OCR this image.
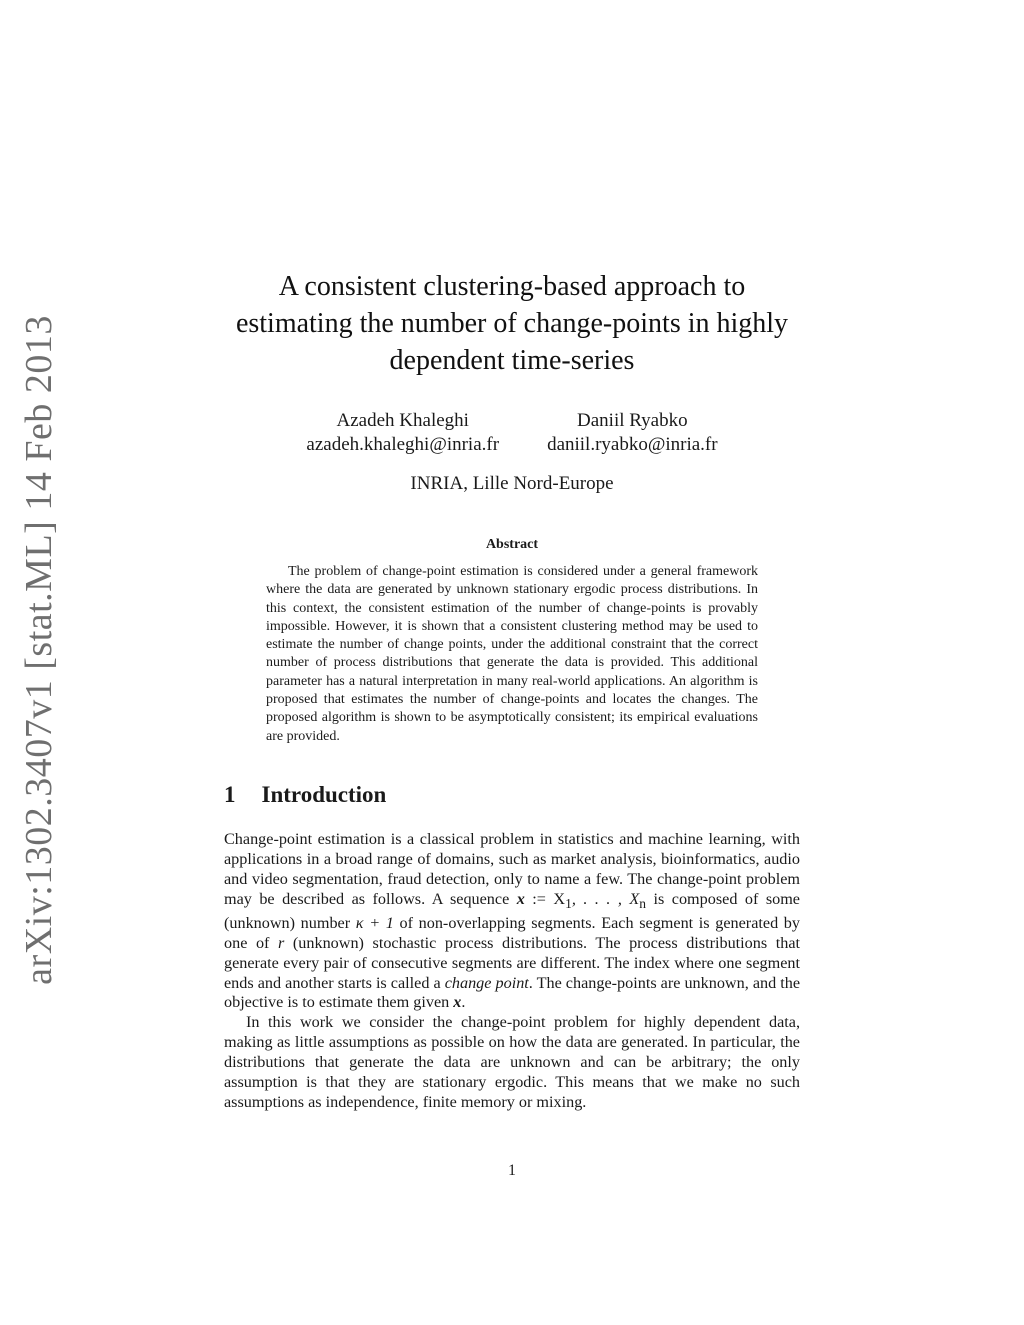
arXiv:1302.3407v1 [stat.ML] 14 Feb 2013
A consistent clustering-based approach to
estimating the number of change-points in highly
dependent time-series
Azadeh Khaleghi
azadeh.khaleghi@inria.fr
Daniil Ryabko
daniil.ryabko@inria.fr
INRIA, Lille Nord-Europe
Abstract

The problem of change-point estimation is considered under a general framework where the data are generated by unknown stationary ergodic process distributions. In this context, the consistent estimation of the number of change-points is provably impossible. However, it is shown that a consistent clustering method may be used to estimate the number of change points, under the additional constraint that the correct number of process distributions that generate the data is provided. This additional parameter has a natural interpretation in many real-world applications. An algorithm is proposed that estimates the number of change-points and locates the changes. The proposed algorithm is shown to be asymptotically consistent; its empirical evaluations are provided.

1 Introduction

Change-point estimation is a classical problem in statistics and machine learning, with applications in a broad range of domains, such as market analysis, bioinformatics, audio and video segmentation, fraud detection, only to name a few. The change-point problem may be described as follows. A sequence x := $X_1$, . . . , $X_n$ is composed of some (unknown) number κ + 1 of non-overlapping segments. Each segment is generated by one of r (unknown) stochastic process distributions. The process distributions that generate every pair of consecutive segments are different. The index where one segment ends and another starts is called a change point. The change-points are unknown, and the objective is to estimate them given x.

In this work we consider the change-point problem for highly dependent data, making as little assumptions as possible on how the data are generated. In particular, the distributions that generate the data are unknown and can be arbitrary; the only assumption is that they are stationary ergodic. This means that we make no such assumptions as independence, finite memory or mixing.

1
